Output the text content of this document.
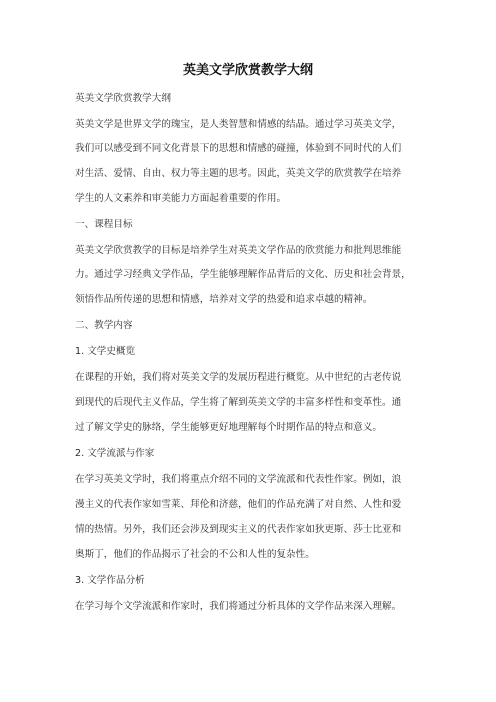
英美文学欣赏教学大纲
英美文学欣赏教学大纲
英美文学是世界文学的瑰宝，是人类智慧和情感的结晶。通过学习英美文学，
我们可以感受到不同文化背景下的思想和情感的碰撞，体验到不同时代的人们
对生活、爱情、自由、权力等主题的思考。因此，英美文学的欣赏教学在培养
学生的人文素养和审美能力方面起着重要的作用。
一、课程目标
英美文学欣赏教学的目标是培养学生对英美文学作品的欣赏能力和批判思维能
力。通过学习经典文学作品，学生能够理解作品背后的文化、历史和社会背景，
领悟作品所传递的思想和情感，培养对文学的热爱和追求卓越的精神。
二、教学内容
1. 文学史概览
在课程的开始，我们将对英美文学的发展历程进行概览。从中世纪的古老传说
到现代的后现代主义作品，学生将了解到英美文学的丰富多样性和变革性。通
过了解文学史的脉络，学生能够更好地理解每个时期作品的特点和意义。
2. 文学流派与作家
在学习英美文学时，我们将重点介绍不同的文学流派和代表性作家。例如，浪
漫主义的代表作家如雪莱、拜伦和济慈，他们的作品充满了对自然、人性和爱
情的热情。另外，我们还会涉及到现实主义的代表作家如狄更斯、莎士比亚和
奥斯丁，他们的作品揭示了社会的不公和人性的复杂性。
3. 文学作品分析
在学习每个文学流派和作家时，我们将通过分析具体的文学作品来深入理解。
